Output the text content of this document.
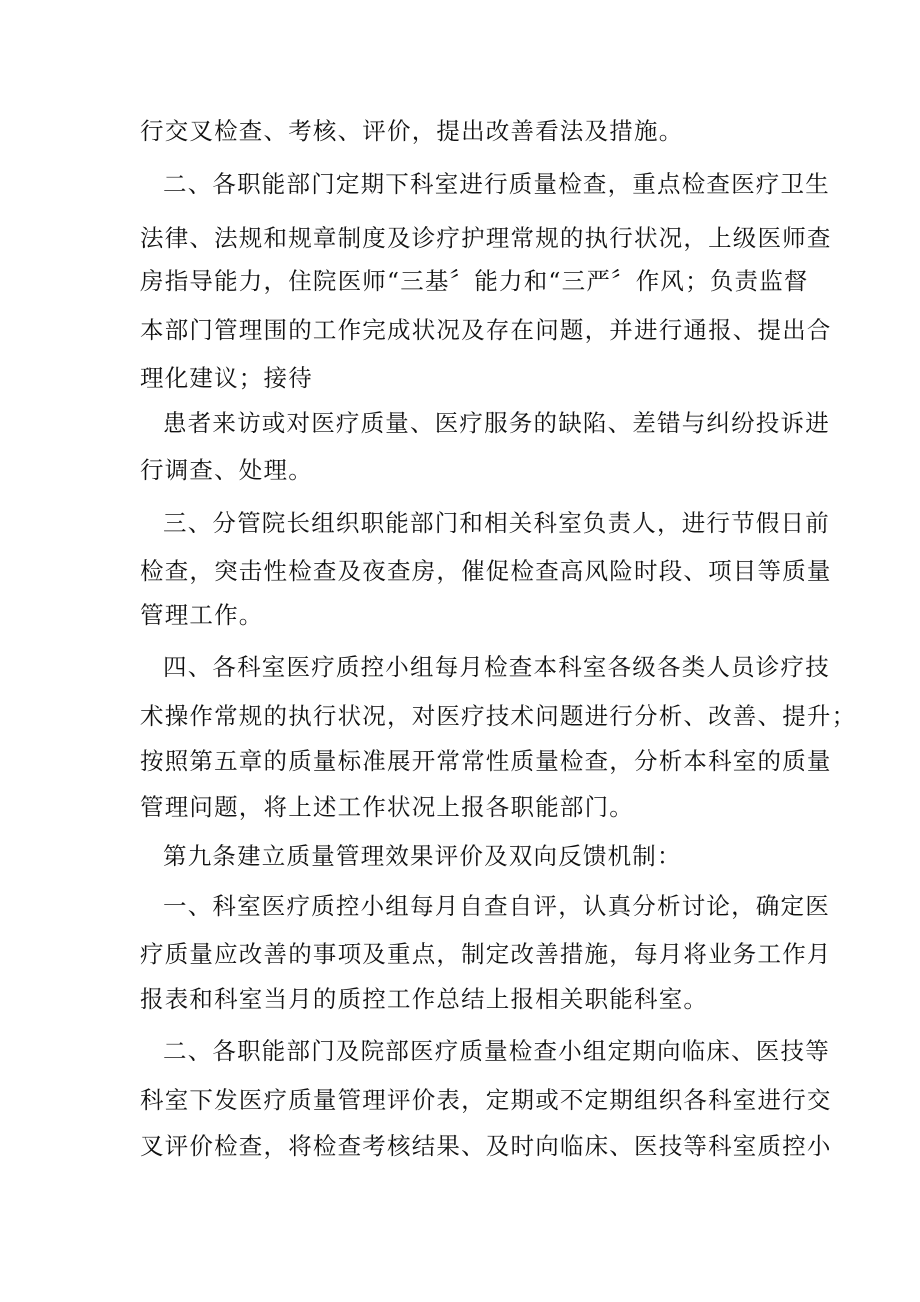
行交叉检查、考核、评价，提出改善看法及措施。

二、各职能部门定期下科室进行质量检查，重点检查医疗卫生

法律、法规和规章制度及诊疗护理常规的执行状况，上级医师查

房指导能力，住院医师“三基〞能力和“三严〞作风；负责监督

本部门管理围的工作完成状况及存在问题，并进行通报、提出合

理化建议；接待

患者来访或对医疗质量、医疗服务的缺陷、差错与纠纷投诉进

行调查、处理。

三、分管院长组织职能部门和相关科室负责人，进行节假日前

检查，突击性检查及夜查房，催促检查高风险时段、项目等质量

管理工作。

四、各科室医疗质控小组每月检查本科室各级各类人员诊疗技

术操作常规的执行状况，对医疗技术问题进行分析、改善、提升；

按照第五章的质量标准展开常常性质量检查，分析本科室的质量

管理问题，将上述工作状况上报各职能部门。

第九条建立质量管理效果评价及双向反馈机制：

一、科室医疗质控小组每月自查自评，认真分析讨论，确定医

疗质量应改善的事项及重点，制定改善措施，每月将业务工作月

报表和科室当月的质控工作总结上报相关职能科室。

二、各职能部门及院部医疗质量检查小组定期向临床、医技等

科室下发医疗质量管理评价表，定期或不定期组织各科室进行交

叉评价检查，将检查考核结果、及时向临床、医技等科室质控小
